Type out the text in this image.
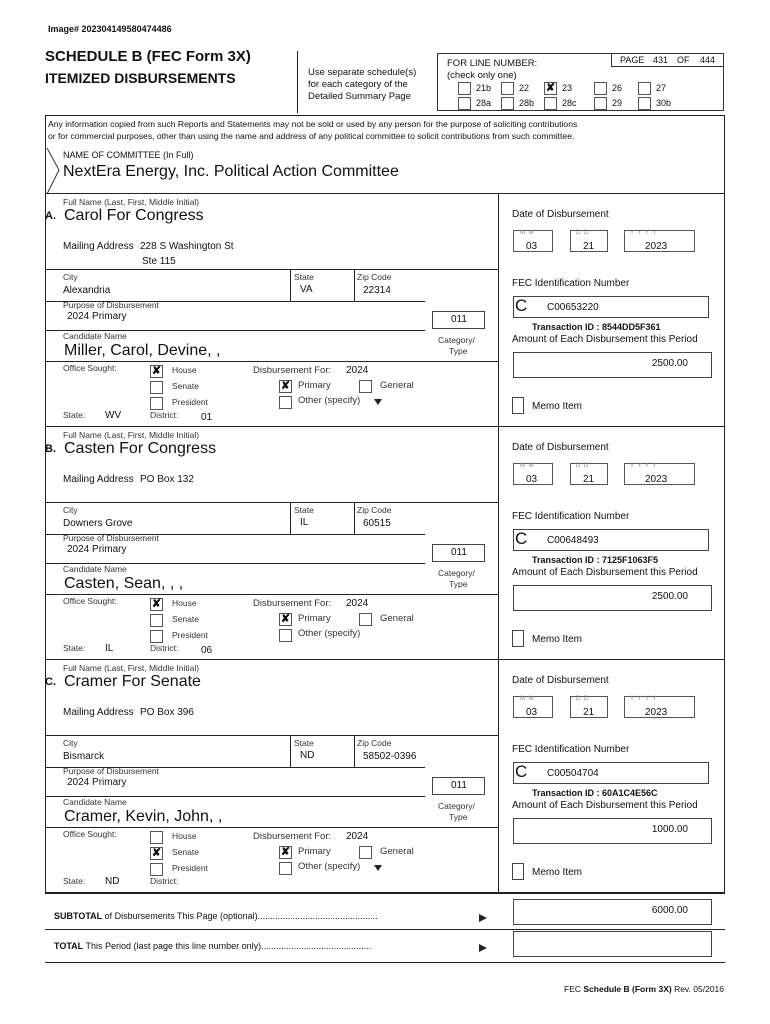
Image# 202304149580474486
SCHEDULE B (FEC Form 3X)
ITEMIZED DISBURSEMENTS	Use separate schedule(s)
for each category of the
Detailed Summary Page
FOR LINE NUMBER:
(check only one)
PAGE 431 OF 444
21b	22 ✘ 23	26	27
28a	28b	28c	29	30b
Any information copied from such Reports and Statements may not be sold or used by any person for the purpose of soliciting contributions
or for commercial purposes, other than using the name and address of any political committee to solicit contributions from such committee.
NAME OF COMMITTEE (In Full)
NextEra Energy, Inc. Political Action Committee
Full Name (Last, First, Middle Initial)
A. Carol For Congress
Mailing Address 228 S Washington St
Ste 115
City
Alexandria
State
VA
Zip Code
22314
Purpose of Disbursement
2024 Primary	011
Candidate Name
Miller, Carol, Devine, ,
Category/
Type
Office Sought:	✘ House
Senate
President
State: WV	District: 01
Disbursement For: 2024
✘ Primary	General
Other (specify)
Date of Disbursement
M M
03
D D
21
Y Y Y Y
2023
FEC Identification Number
C C00653220
Transaction ID : 8544DD5F361
Amount of Each Disbursement this Period
2500.00
Memo Item
Full Name (Last, First, Middle Initial)
B. Casten For Congress
Mailing Address PO Box 132
City
Downers Grove
State
IL
Zip Code
60515
Purpose of Disbursement
2024 Primary	011
Candidate Name
Casten, Sean, , ,
Category/
Type
Office Sought:	✘ House
Senate
President
State: IL	District: 06
Disbursement For: 2024
✘ Primary	General
Other (specify)
Date of Disbursement
M M
03
D D
21
Y Y Y Y
2023
FEC Identification Number
C C00648493
Transaction ID : 7125F1063F5
Amount of Each Disbursement this Period
2500.00
Memo Item
Full Name (Last, First, Middle Initial)
C. Cramer For Senate
Mailing Address PO Box 396
City
Bismarck
State
ND
Zip Code
58502-0396
Purpose of Disbursement
2024 Primary	011
Candidate Name
Cramer, Kevin, John, ,
Category/
Type
Office Sought:	House
✘ Senate
President
State: ND	District:
Disbursement For: 2024
✘ Primary	General
Other (specify)
Date of Disbursement
M M
03
D D
21
Y Y Y Y
2023
FEC Identification Number
C C00504704
Transaction ID : 60A1C4E56C
Amount of Each Disbursement this Period
1000.00
Memo Item
SUBTOTAL of Disbursements This Page (optional)................................................	6000.00
TOTAL This Period (last page this line number only)............................................
FEC Schedule B (Form 3X) Rev. 05/2016
